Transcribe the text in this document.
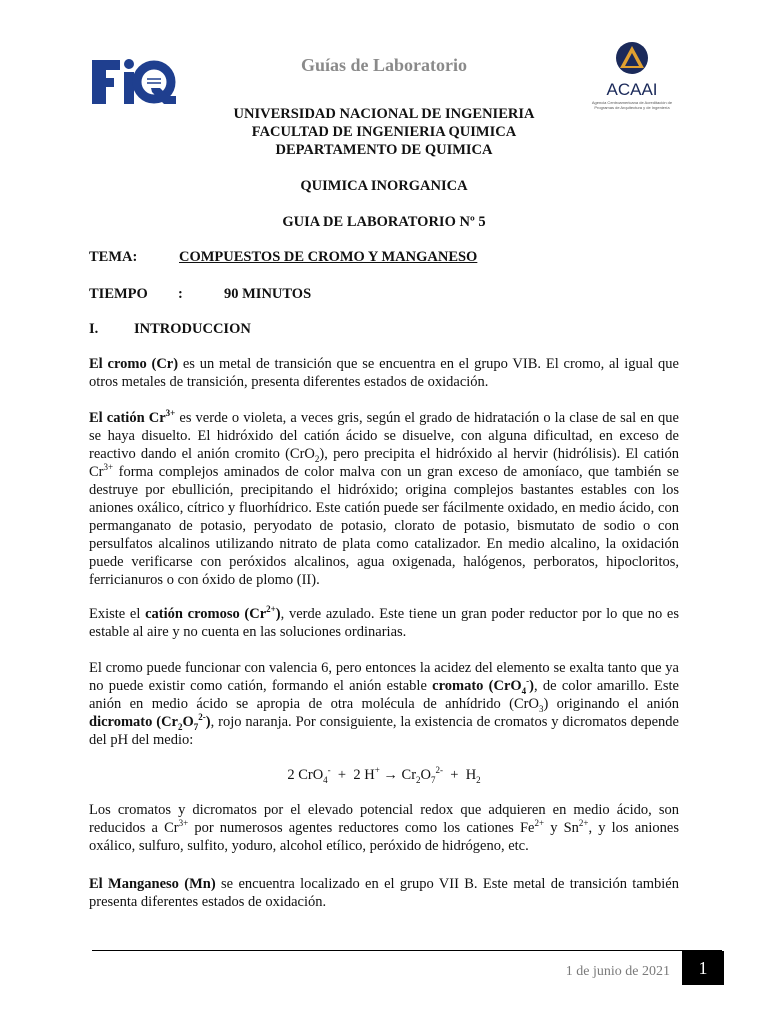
Guías de Laboratorio
ACAAI
Agencia Centroamericana de Acreditación de Programas de Arquitectura y de Ingeniería
UNIVERSIDAD NACIONAL DE INGENIERIA
FACULTAD DE INGENIERIA QUIMICA
DEPARTAMENTO DE QUIMICA
QUIMICA INORGANICA
GUIA DE LABORATORIO Nº 5
TEMA:	COMPUESTOS DE CROMO Y MANGANESO
TIEMPO :	90 MINUTOS
I. INTRODUCCION
El cromo (Cr) es un metal de transición que se encuentra en el grupo VIB. El cromo, al igual que otros metales de transición, presenta diferentes estados de oxidación.
El catión $Cr^{3+}$ es verde o violeta, a veces gris, según el grado de hidratación o la clase de sal en que se haya disuelto. El hidróxido del catión ácido se disuelve, con alguna dificultad, en exceso de reactivo dando el anión cromito (CrO$_2$), pero precipita el hidróxido al hervir (hidrólisis). El catión $Cr^{3+}$ forma complejos aminados de color malva con un gran exceso de amoníaco, que también se destruye por ebullición, precipitando el hidróxido; origina complejos bastantes estables con los aniones oxálico, cítrico y fluorhídrico. Este catión puede ser fácilmente oxidado, en medio ácido, con permanganato de potasio, peryodato de potasio, clorato de potasio, bismutato de sodio o con persulfatos alcalinos utilizando nitrato de plata como catalizador. En medio alcalino, la oxidación puede verificarse con peróxidos alcalinos, agua oxigenada, halógenos, perboratos, hipocloritos, ferricianuros o con óxido de plomo (II).
Existe el catión cromoso $(Cr^{2+})$, verde azulado. Este tiene un gran poder reductor por lo que no es estable al aire y no cuenta en las soluciones ordinarias.
El cromo puede funcionar con valencia 6, pero entonces la acidez del elemento se exalta tanto que ya no puede existir como catión, formando el anión estable cromato (CrO$_4$-), de color amarillo. Este anión en medio ácido se apropia de otra molécula de anhídrido (CrO$_3$) originando el anión dicromato $(Cr_2O_7^{2-})$, rojo naranja. Por consiguiente, la existencia de cromatos y dicromatos depende del pH del medio:
2 CrO$_4$-  +  2 $H^+ \to Cr_2O_7^{2-} + H_2$
Los cromatos y dicromatos por el elevado potencial redox que adquieren en medio ácido, son reducidos a $Cr^{3+}$ por numerosos agentes reductores como los cationes $Fe^{2+}$ y $Sn^{2+}$, y los aniones oxálico, sulfuro, sulfito, yoduro, alcohol etílico, peróxido de hidrógeno, etc.
El Manganeso (Mn) se encuentra localizado en el grupo VII B. Este metal de transición también presenta diferentes estados de oxidación.
1 de junio de 2021	1
